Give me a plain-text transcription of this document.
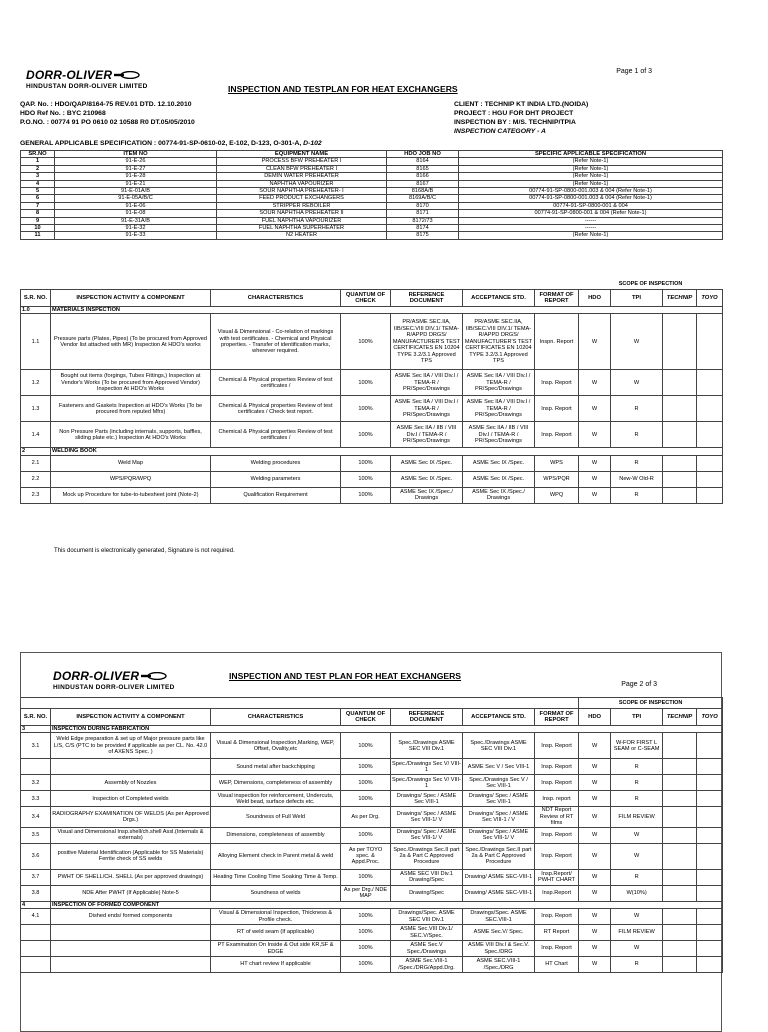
DORR-OLIVER
HINDUSTAN DORR-OLIVER LIMITED
Page 1 of 3
INSPECTION AND TESTPLAN FOR HEAT EXCHANGERS
QAP. No. : HDO/QAP/8164-75 REV.01 DTD. 12.10.2010
HDO Ref No. : BYC 210968
P.O.NO. : 00774 91 PO 0610 02 10588 R0 DT.05/05/2010
CLIENT : TECHNIP KT INDIA LTD.(NOIDA)
PROJECT : HGU FOR DHT PROJECT
INSPECTION BY : M/S. TECHNIP/TPIA
INSPECTION CATEGORY - A
GENERAL APPLICABLE SPECIFICATION : 00774-91-SP-0610-02, E-102, D-123, O-301-A, D-102
SR.NO	ITEM NO	EQUIPMENT NAME	HDO JOB NO	SPECIFIC APPLICABLE SPECIFICATION
1	91-E-26	PROCESS BFW PREHEATER I	8164	(Refer Note-1)
2	91-E-27	CLEAN BFW PREHEATER I	8165	(Refer Note-1)
3	91-E-28	DEMIN WATER PREHEATER	8166	(Refer Note-1)
4	91-E-21	NAPHTHA VAPOURIZER	8167	(Refer Note-1)
5	91-E-01A/B	SOUR NAPHTHA PREHEATER- I	8168A/B	00774-91-SP-0800-001.003 & 004 (Refer Note-1)
6	91-E-05A/B/C	FEED PRODUCT EXCHANGERS	8169A/B/C	00774-91-SP-0800-001.003 & 004 (Refer Note-1)
7	91-E-06	STRIPPER REBOILER	8170	00774-91-SP-0800-001 & 004
8	91-E-08	SOUR NAPHTHA PREHEATER II	8171	00774-91-SP-0800-001 & 004 (Refer Note-1)
9	91-E-31A/B	FUEL NAPHTHA VAPOURIZER	8172/73	------
10	91-E-32	FUEL NAPHTHA SUPERHEATER	8174	------
11	91-E-33	N2 HEATER	8175	(Refer Note-1)
							SCOPE OF INSPECTION			
S.R. NO.	INSPECTION ACTIVITY & COMPONENT	CHARACTERISTICS	QUANTUM OF CHECK	REFERENCE DOCUMENT	ACCEPTANCE STD.	FORMAT OF REPORT	HDO	TPI	TECHNIP	TOYO
1.0	MATERIALS INSPECTION									
1.1	Pressure parts (Plates, Pipes) (To be procured from Approved Vendor list attached with MR) Inspection At HDO's works	Visual & Dimensional - Co-relation of markings with test certificates. - Chemical and Physical properties. - Transfer of identification marks, wherever required.	100%	PR/ASME SEC.IIA, IIB/SEC.VIII DIV.1/ TEMA-R/APPD DRGS/ MANUFACTURER'S TEST CERTIFICATES EN 10204 TYPE 3.2/3.1 Approved TPS	PR/ASME SEC.IIA, IIB/SEC.VIII DIV.1/ TEMA-R/APPD DRGS/ MANUFACTURER'S TEST CERTIFICATES EN 10204 TYPE 3.2/3.1 Approved TPS	Inspn. Report	W	W		
1.2	Bought out items (forgings, Tubes Fittings,) Inspection at Vendor's Works (To be procured from Approved Vendor) Inspection At HDO's Works	Chemical & Physical properties Review of test certificates /	100%	ASME Sec IIA / VIII Div.I / TEMA-R / PR/Spec/Drawings	ASME Sec IIA / VIII Div.I / TEMA-R / PR/Spec/Drawings	Insp. Report	W	W		
1.3	Fasteners and Gaskets Inspection at HDO's Works (To be procured from reputed Mfrs)	Chemical & Physical properties Review of test certificates / Check test report.	100%	ASME Sec IIA / VIII Div.I / TEMA-R / PR/Spec/Drawings	ASME Sec IIA / VIII Div.I / TEMA-R / PR/Spec/Drawings	Insp. Report	W	R		
1.4	Non Pressure Parts (including internals, supports, baffles, sliding plate etc.) Inspection At HDO's Works	Chemical & Physical properties Review of test certificates /	100%	ASME Sec IIA / IIB / VIII Div.I / TEMA-R / PR/Spec/Drawings	ASME Sec IIA / IIB / VIII Div.I / TEMA-R / PR/Spec/Drawings	Insp. Report	W	R		
2	WELDING BOOK									
2.1	Weld Map	Welding procedures	100%	ASME Sec IX /Spec.	ASME Sec IX /Spec.	WPS	W	R		
2.2	WPS/PQR/WPQ	Welding parameters	100%	ASME Sec IX /Spec.	ASME Sec IX /Spec.	WPS/PQR	W	New-W Old-R		
2.3	Mock up Procedure for tube-to-tubesheet joint (Note-2)	Qualification Requirement	100%	ASME Sec IX /Spec./ Drawings	ASME Sec IX /Spec./ Drawings	WPQ	W	R		
This document is electronically generated, Signature is not required.
DORR-OLIVER
HINDUSTAN DORR-OLIVER LIMITED
INSPECTION AND TEST PLAN FOR HEAT EXCHANGERS
Page 2 of 3
							SCOPE OF INSPECTION			
S.R. NO.	INSPECTION ACTIVITY & COMPONENT	CHARACTERISTICS	QUANTUM OF CHECK	REFERENCE DOCUMENT	ACCEPTANCE STD.	FORMAT OF REPORT	HDO	TPI	TECHNIP	TOYO
3	INSPECTION DURING FABRICATION									
3.1	Weld Edge preparation & set up of Major pressure parts like L/S, C/S (PTC to be provided if applicable as per CL. No. 42.0 of AXENS Spec. )	Visual & Dimensional Inspection,Marking, WEP, Offset, Ovality,etc	100%	Spec./Drawings ASME SEC VIII Div.1	Spec./Drawings ASME SEC VIII Div.1	Insp. Report	W	W-FOR FIRST L SEAM or C-SEAM		
		Sound metal after backchipping	100%	Spec./Drawings Sec V/ VIII-1	ASME Sec V / Sec VIII-1	Insp. Report	W	R		
3.2	Assembly of Nozzles	WEP, Dimensions, completeness of assembly	100%	Spec./Drawings Sec V/ VIII-1	Spec./Drawings Sec V / Sec VIII-1	Insp. Report	W	R		
3.3	Inspection of Completed welds	Visual inspection for reinforcement, Undercuts, Weld bead, surface defects etc.	100%	Drawings/ Spec / ASME Sec VIII-1	Drawings/ Spec / ASME Sec VIII-1	Insp. report	W	R		
3.4	RADIOGRAPHY EXAMINATION OF WELDS (As per Approved Drgs.)	Soundness of Full Weld	As per Drg.	Drawings/ Spec / ASME Sec VIII-1/ V	Drawings/ Spec / ASME Sec VIII-1 / V	NDT Report Review of RT films	W	FILM REVIEW		
3.5	Visual and Dimensional Insp.shell/ch.shell Assl.(Internals & externals)	Dimensions, completeness of assembly	100%	Drawings/ Spec / ASME Sec VIII-1/ V	Drawings/ Spec / ASME Sec VIII-1/ V	Insp. Report	W	W		
3.6	positive Material Identification (Applicable for SS Materials) Ferrite check of SS welds	Alloying Element check in Parent metal & weld	As per TOYO spec. & Appd.Proc.	Spec./Drawings Sec.II part 2a & Part C Approved Procedure	Spec./Drawings Sec.II part 2a & Part C Approved Procedure	Insp. Report	W	W		
3.7	PWHT OF SHELL/CH. SHELL (As per approved drawings)	Heating Time Cooling Time Soaking Time & Temp.	100%	ASME SEC VIII Div.1 Drawing/Spec	Drawing/ ASME SEC-VIII-1	Insp.Report/ PWHT CHART	W	R		
3.8	NDE After PWHT (If Applicable) Note-5	Soundness of welds	As per Drg./ NDE MAP	Drawing/Spec	Drawing/ ASME SEC-VIII-1	Insp.Report	W	W(10%)		
4	INSPECTION OF FORMED COMPONENT									
4.1	Dished ends/ formed components	Visual & Dimensional Inspection, Thickness & Profile check.	100%	Drawings/Spec. ASME SEC VIII Div.1	Drawings/Spec. ASME SEC.VIII-1	Insp. Report	W	W		
		RT of weld seam (If applicable)	100%	ASME Sec.VIII Div.1/ SEC.V/Spec.	ASME Sec.V/ Spec.	RT Report	W	FILM REVIEW		
		PT Examination On Inside & Out side KR,SF & EDGE	100%	ASME Sec.V Spec./Drawings	ASME VIII Div.I & Sec.V. Spec./DRG	Insp. Report	W	W		
		HT chart review If applicable	100%	ASME Sec.VIII-1 /Spec./DRG/Appd.Drg.	ASME SEC.VIII-1 /Spec./DRG	HT Chart	W	R		
